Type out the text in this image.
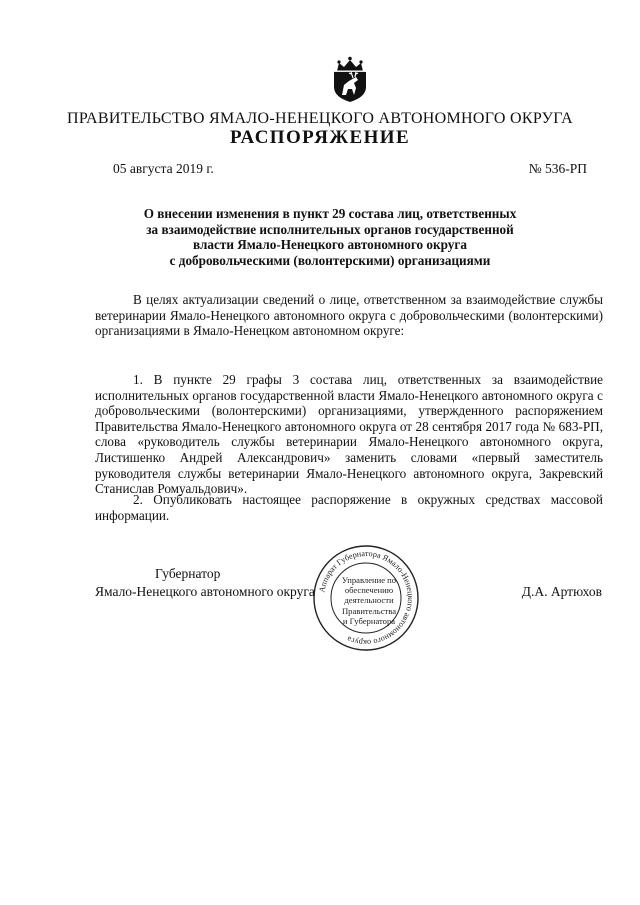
ПРАВИТЕЛЬСТВО ЯМАЛО-НЕНЕЦКОГО АВТОНОМНОГО ОКРУГА
РАСПОРЯЖЕНИЕ
05 августа 2019 г.	№ 536-РП
О внесении изменения в пункт 29 состава лиц, ответственных
за взаимодействие исполнительных органов государственной
власти Ямало-Ненецкого автономного округа
с добровольческими (волонтерскими) организациями

В целях актуализации сведений о лице, ответственном за взаимодействие службы ветеринарии Ямало-Ненецкого автономного округа с добровольческими (волонтерскими) организациями в Ямало-Ненецком автономном округе:

1. В пункте 29 графы 3 состава лиц, ответственных за взаимодействие исполнительных органов государственной власти Ямало-Ненецкого автономного округа с добровольческими (волонтерскими) организациями, утвержденного распоряжением Правительства Ямало-Ненецкого автономного округа от 28 сентября 2017 года № 683-РП, слова «руководитель службы ветеринарии Ямало-Ненецкого автономного округа, Листишенко Андрей Александрович» заменить словами «первый заместитель руководителя службы ветеринарии Ямало-Ненецкого автономного округа, Закревский Станислав Ромуальдович».

2. Опубликовать настоящее распоряжение в окружных средствах массовой информации.

Губернатор
Ямало-Ненецкого автономного округа	Д.А. Артюхов
Аппарат Губернатора Ямало-Ненецкого автономного округа
Управление по
обеспечению
деятельности
Правительства
и Губернатора
